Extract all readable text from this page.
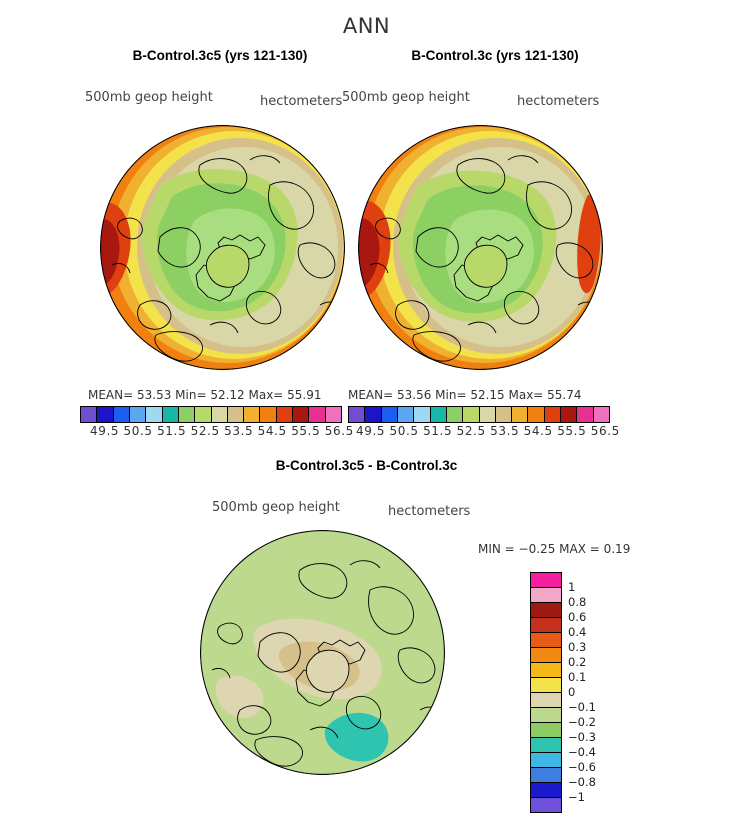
ANN
B-Control.3c5 (yrs 121-130)
500mb geop height	hectometers
MEAN= 53.53 Min= 52.12 Max= 55.91
49.5 50.5 51.5 52.5 53.5 54.5 55.5 56.5
B-Control.3c (yrs 121-130)
500mb geop height	hectometers
MEAN= 53.56 Min= 52.15 Max= 55.74
49.5 50.5 51.5 52.5 53.5 54.5 55.5 56.5
B-Control.3c5 - B-Control.3c
500mb geop height	hectometers
MIN = −0.25 MAX = 0.19
1
0.8
0.6
0.4
0.3
0.2
0.1
0
−0.1
−0.2
−0.3
−0.4
−0.6
−0.8
−1
